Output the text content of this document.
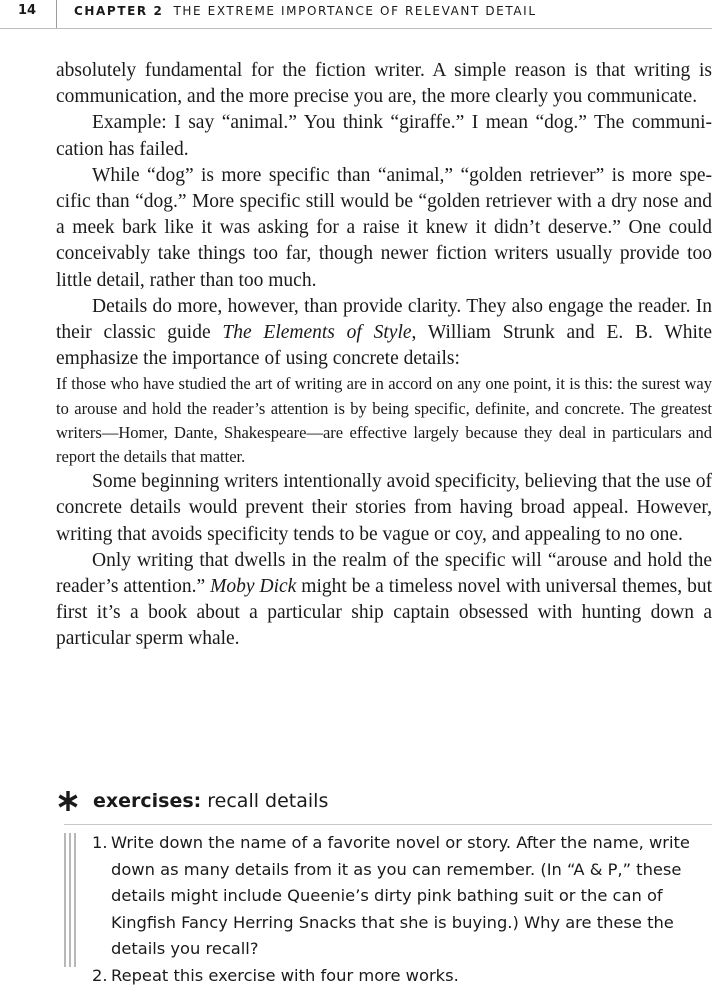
14	CHAPTER 2 THE EXTREME IMPORTANCE OF RELEVANT DETAIL

absolutely fundamental for the fiction writer. A simple reason is that writing is communication, and the more precise you are, the more clearly you communicate.

Example: I say “animal.” You think “giraffe.” I mean “dog.” The communication has failed.

While “dog” is more specific than “animal,” “golden retriever” is more specific than “dog.” More specific still would be “golden retriever with a dry nose and a meek bark like it was asking for a raise it knew it didn’t deserve.” One could conceivably take things too far, though newer fiction writers usually provide too little detail, rather than too much.

Details do more, however, than provide clarity. They also engage the reader. In their classic guide The Elements of Style, William Strunk and E. B. White emphasize the importance of using concrete details:

If those who have studied the art of writing are in accord on any one point, it is this: the surest way to arouse and hold the reader’s attention is by being specific, definite, and concrete. The greatest writers—Homer, Dante, Shakespeare—are effective largely because they deal in particulars and report the details that matter.

Some beginning writers intentionally avoid specificity, believing that the use of concrete details would prevent their stories from having broad appeal. However, writing that avoids specificity tends to be vague or coy, and appealing to no one.

Only writing that dwells in the realm of the specific will “arouse and hold the reader’s attention.” Moby Dick might be a timeless novel with universal themes, but first it’s a book about a particular ship captain obsessed with hunting down a particular sperm whale.

exercises: recall details
1. Write down the name of a favorite novel or story. After the name, write down as many details from it as you can remember. (In “A & P,” these details might include Queenie’s dirty pink bathing suit or the can of Kingfish Fancy Herring Snacks that she is buying.) Why are these the details you recall?
2. Repeat this exercise with four more works.
